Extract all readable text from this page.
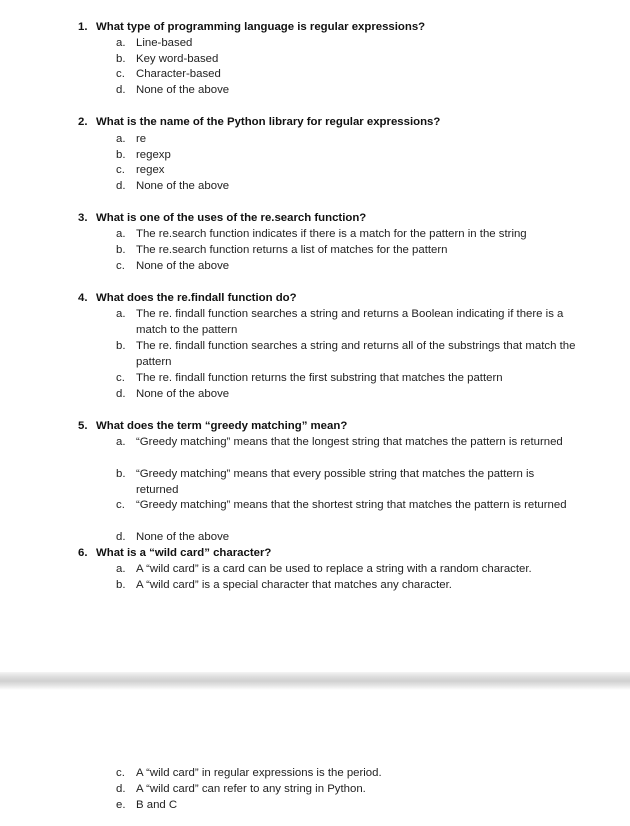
1. What type of programming language is regular expressions?
a. Line-based
b. Key word-based
c. Character-based
d. None of the above
2. What is the name of the Python library for regular expressions?
a. re
b. regexp
c. regex
d. None of the above
3. What is one of the uses of the re.search function?
a. The re.search function indicates if there is a match for the pattern in the string
b. The re.search function returns a list of matches for the pattern
c. None of the above
4. What does the re.findall function do?
a. The re. findall function searches a string and returns a Boolean indicating if there is a match to the pattern
b. The re. findall function searches a string and returns all of the substrings that match the pattern
c. The re. findall function returns the first substring that matches the pattern
d. None of the above
5. What does the term “greedy matching” mean?
a. “Greedy matching” means that the longest string that matches the pattern is returned
b. “Greedy matching” means that every possible string that matches the pattern is returned
c. “Greedy matching” means that the shortest string that matches the pattern is returned
d. None of the above
6. What is a “wild card” character?
a. A “wild card” is a card can be used to replace a string with a random character.
b. A “wild card” is a special character that matches any character.
c. A “wild card” in regular expressions is the period.
d. A “wild card” can refer to any string in Python.
e. B and C
